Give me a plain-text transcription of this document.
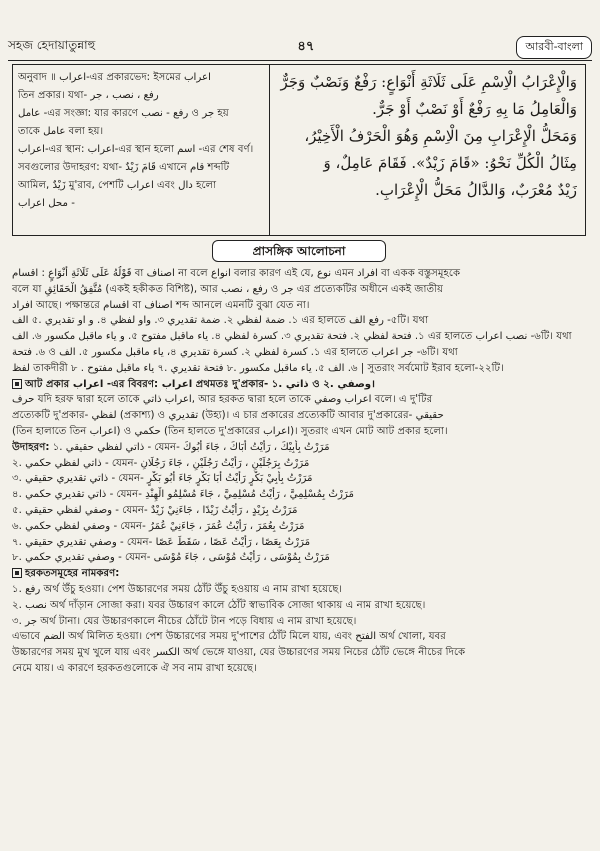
সহজ হেদায়াতুন্নাহু	৪৭	আরবী-বাংলা
অনুবাদ ॥ اعراب-এর প্রকারভেদ: ইসমের اعراب
তিন প্রকার। যথা- رفع ، نصب ، جر
عامل -এর সংজ্ঞা: যার কারণে رفع - نصب ও جر হয়
তাকে عامل বলা হয়।
اعراب-এর স্থান: اعراب-এর স্থান হলো اسم -এর শেষ বর্ণ।
সবগুলোর উদাহরণ: যথা- قَامَ زَيْدٌ এখানে قام শব্দটি
আমিল, زَيْدٌ মু'রাব, পেশটি اعراب এবং دال হলো
محل اعراب -
وَالْإِعْرَابُ الْاِسْمِ عَلَى ثَلَاثَةِ أَنْوَاعٍ: رَفْعٌ وَنَصْبٌ وَجَرٌّ
وَالْعَامِلُ مَا بِهِ رَفْعٌ أَوْ نَصْبٌ أَوْ جَرٌّ.
وَمَحَلُّ الْإِعْرَابِ مِنَ الْاِسْمِ وَهُوَ الْحَرْفُ الْأَخِيْرُ،
مِثَالُ الْكُلِّ نَحْوُ: «قَامَ زَيْدٌ». فَقَامَ عَامِلٌ، وَ
زَيْدٌ مُعْرَبٌ، وَالدَّالُ مَحَلُّ الْإِعْرَابِ.
প্রাসঙ্গিক আলোচনা
قَوْلُهُ عَلَى ثَلَاثَةِ أَنْوَاعٍ : اقسام বা اصناف না বলে انواع বলার কারণ এই যে, نوع এমন افراد বা একক বস্তুসমূহকে
বলে যা مُتَّفِقُ الْحَقَائِقِ (একই হকীকত বিশিষ্ট), আর رفع ، نصب ও جر এর প্রত্যেকটির অধীনে একই জাতীয়
افراد আছে। পক্ষান্তরে اقسام বা اصناف শব্দ আনলে এমনটি বুঝা যেত না।
الف ‍৫. و او تقديري .৪ واو لفظي .৩ ضمة تقديري .২ ضمة لفظي .১ এর হালতে رفع الف -৫টি। যথা
الف .৬ و ياء ماقبل مكسور .৫ ياء ماقبل مفتوح .৪ كسرة لفظي .৩ فتحة تقديري .২ فتحة لفظي .১ এর হালতে نصب اعراب -৬টি। যথা
فتحة .৬ ও الف .৫ ياء ماقبل مكسور ،৪ كسرة تقديري .২ كسرة لفظي .১ এর হালতে جر اعراب -৬টি। যথা
لفظ তাকদীরী ৮ . ياء ماقبل مفتوح ৭. فتحة تقديري ৮. ياء ماقبل مكسور .৫ الف .৬ | সুতরাং সর্বমোট ইরাব হলো-২২টি।
আট প্রকার اعراب -এর বিবরণ: اعراب প্রথমতঃ দু'প্রকার- ১. ذاتي ও ২. وصفي।
حرف যদি হরফ দ্বারা হলে তাকে اعراب ذاتي, আর হরকত দ্বারা হলে তাকে اعراب وصفي বলে। এ দু'টির
প্রত্যেকটি দু'প্রকার- لفظي (প্রকাশ্য) ও تقديري (উহ্য)। এ চার প্রকারের প্রত্যেকটি আবার দু'প্রকারের- حقيقي
(তিন হালাতে তিন اعراب) ও حكمي (তিন হালতে দু'প্রকারের اعراب)। সুতরাং এখন মোট আট প্রকার হলো।
উদাহরণ: ১. ذاتي لفظي حقيقي - যেমন- مَرَرْتُ بِأَبِيْكَ ، رَأَيْتُ أَبَاكَ ، جَاءَ أَبُوكَ
২. ذاتي لفظي حكمي - যেমন- مَرَرْتُ بِرَجُلَيْنِ ، رَأَيْتُ رَجُلَيْنِ ، جَاءَ رَجُلَانِ
৩. ذاتي تقديري حقيقي - যেমন- مَرَرْتُ بِأَبِيْ بَكْرٍ رَأَيْتُ أَبَا بَكْرٍ جَاءَ أَبُو بَكْرٍ
৪. ذاتي تقديري حكمي - যেমন- مَرَرْتُ بِمُسْلِمِيَّ ، رَأَيْتُ مُسْلِمِيَّ ، جَاءَ مُسْلِمُو الْهِنْدِ
৫. وصفي لفظي حقيقي - যেমন- مَرَرْتُ بِزَيْدٍ ، رَأَيْتُ زَيْدًا ، جَاءَنِيْ زَيْدٌ
৬. وصفي لفظي حكمي - যেমন- مَرَرْتُ بِعُمَرَ ، رَأَيْتُ عُمَرَ ، جَاءَنِيْ عُمَرُ
৭. وصفي تقديري حقيقي - যেমন- مَرَرْتُ بِعَصًا ، رَأَيْتُ عَصًا ، سَقَطَ عَصًا
৮. وصفي تقديري حكمي - যেমন- مَرَرْتُ بِمُوْسَى ، رَأَيْتُ مُوْسَى ، جَاءَ مُوْسَى
হরকতসমূহের নামকরণ:
১. رفع অর্থ উঁচু হওয়া। পেশ উচ্চারণের সময় ঠোঁট উঁচু হওয়ায় এ নাম রাখা হয়েছে।
২. نصب অর্থ দাঁড়ান সোজা করা। যবর উচ্চারণ কালে ঠোঁট স্বাভাবিক সোজা থাকায় এ নাম রাখা হয়েছে।
৩. جر অর্থ টানা। যের উচ্চারণকালে নীচের ঠোঁটে টান পড়ে বিধায় এ নাম রাখা হয়েছে।
এভাবে الضم অর্থ মিলিত হওয়া। পেশ উচ্চারণের সময় দু'পাশের ঠোঁট মিলে যায়, এবং الفتح অর্থ খোলা, যবর
উচ্চারণের সময় মুখ খুলে যায় এবং الكسر অর্থ ভেঙ্গে যাওয়া, যের উচ্চারণের সময় নিচের ঠোঁট ভেঙ্গে নীচের দিকে
নেমে যায়। এ কারণে হরকতগুলোকে ঐ সব নাম রাখা হয়েছে।
